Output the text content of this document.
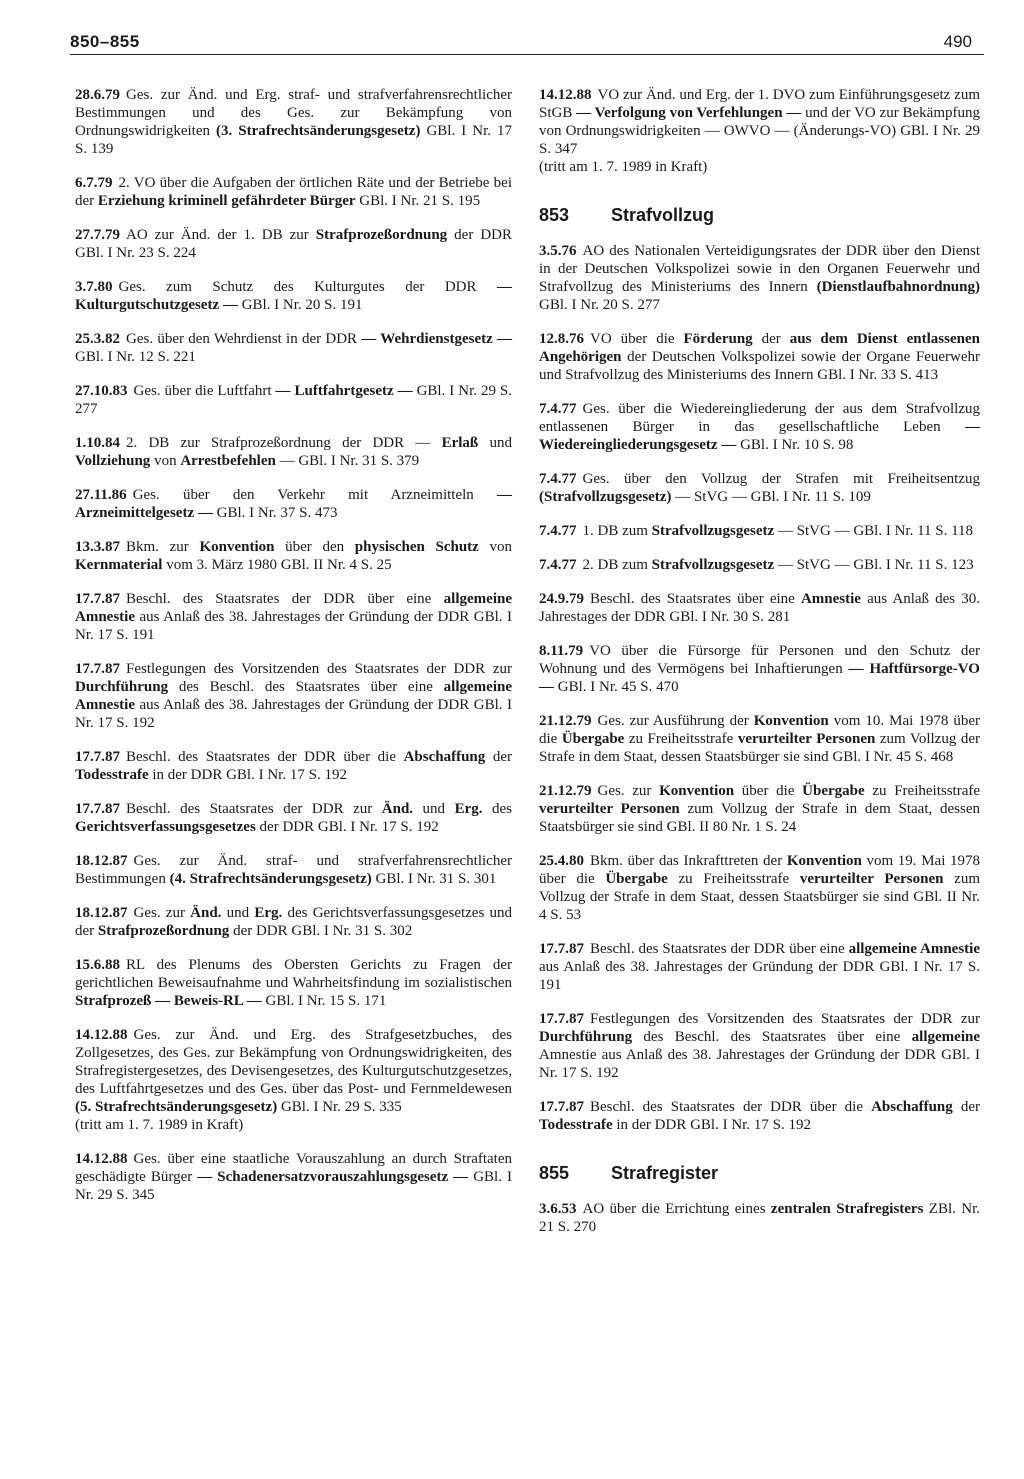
850–855	490
28.6.79 Ges. zur Änd. und Erg. straf- und strafverfahrensrechtlicher Bestimmungen und des Ges. zur Bekämpfung von Ordnungswidrigkeiten (3. Strafrechtsänderungsgesetz) GBl. I Nr. 17 S. 139
6.7.79 2. VO über die Aufgaben der örtlichen Räte und der Betriebe bei der Erziehung kriminell gefährdeter Bürger GBl. I Nr. 21 S. 195
27.7.79 AO zur Änd. der 1. DB zur Strafprozeßordnung der DDR GBl. I Nr. 23 S. 224
3.7.80 Ges. zum Schutz des Kulturgutes der DDR — Kulturgutschutzgesetz — GBl. I Nr. 20 S. 191
25.3.82 Ges. über den Wehrdienst in der DDR — Wehrdienstgesetz — GBl. I Nr. 12 S. 221
27.10.83 Ges. über die Luftfahrt — Luftfahrtgesetz — GBl. I Nr. 29 S. 277
1.10.84 2. DB zur Strafprozeßordnung der DDR — Erlaß und Vollziehung von Arrestbefehlen — GBl. I Nr. 31 S. 379
27.11.86 Ges. über den Verkehr mit Arzneimitteln — Arzneimittelgesetz — GBl. I Nr. 37 S. 473
13.3.87 Bkm. zur Konvention über den physischen Schutz von Kernmaterial vom 3. März 1980 GBl. II Nr. 4 S. 25
17.7.87 Beschl. des Staatsrates der DDR über eine allgemeine Amnestie aus Anlaß des 38. Jahrestages der Gründung der DDR GBl. I Nr. 17 S. 191
17.7.87 Festlegungen des Vorsitzenden des Staatsrates der DDR zur Durchführung des Beschl. des Staatsrates über eine allgemeine Amnestie aus Anlaß des 38. Jahrestages der Gründung der DDR GBl. I Nr. 17 S. 192
17.7.87 Beschl. des Staatsrates der DDR über die Abschaffung der Todesstrafe in der DDR GBl. I Nr. 17 S. 192
17.7.87 Beschl. des Staatsrates der DDR zur Änd. und Erg. des Gerichtsverfassungsgesetzes der DDR GBl. I Nr. 17 S. 192
18.12.87 Ges. zur Änd. straf- und strafverfahrensrechtlicher Bestimmungen (4. Strafrechtsänderungsgesetz) GBl. I Nr. 31 S. 301
18.12.87 Ges. zur Änd. und Erg. des Gerichtsverfassungsgesetzes und der Strafprozeßordnung der DDR GBl. I Nr. 31 S. 302
15.6.88 RL des Plenums des Obersten Gerichts zu Fragen der gerichtlichen Beweisaufnahme und Wahrheitsfindung im sozialistischen Strafprozeß — Beweis-RL — GBl. I Nr. 15 S. 171
14.12.88 Ges. zur Änd. und Erg. des Strafgesetzbuches, des Zollgesetzes, des Ges. zur Bekämpfung von Ordnungswidrigkeiten, des Strafregistergesetzes, des Devisengesetzes, des Kulturgutschutzgesetzes, des Luftfahrtgesetzes und des Ges. über das Post- und Fernmeldewesen (5. Strafrechtsänderungsgesetz) GBl. I Nr. 29 S. 335
(tritt am 1. 7. 1989 in Kraft)
14.12.88 Ges. über eine staatliche Vorauszahlung an durch Straftaten geschädigte Bürger — Schadenersatzvorauszahlungsgesetz — GBl. I Nr. 29 S. 345
14.12.88 VO zur Änd. und Erg. der 1. DVO zum Einführungsgesetz zum StGB — Verfolgung von Verfehlungen — und der VO zur Bekämpfung von Ordnungswidrigkeiten — OWVO — (Änderungs-VO) GBl. I Nr. 29 S. 347
(tritt am 1. 7. 1989 in Kraft)
853 Strafvollzug
3.5.76 AO des Nationalen Verteidigungsrates der DDR über den Dienst in der Deutschen Volkspolizei sowie in den Organen Feuerwehr und Strafvollzug des Ministeriums des Innern (Dienstlaufbahnordnung) GBl. I Nr. 20 S. 277
12.8.76 VO über die Förderung der aus dem Dienst entlassenen Angehörigen der Deutschen Volkspolizei sowie der Organe Feuerwehr und Strafvollzug des Ministeriums des Innern GBl. I Nr. 33 S. 413
7.4.77 Ges. über die Wiedereingliederung der aus dem Strafvollzug entlassenen Bürger in das gesellschaftliche Leben — Wiedereingliederungsgesetz — GBl. I Nr. 10 S. 98
7.4.77 Ges. über den Vollzug der Strafen mit Freiheitsentzug (Strafvollzugsgesetz) — StVG — GBl. I Nr. 11 S. 109
7.4.77 1. DB zum Strafvollzugsgesetz — StVG — GBl. I Nr. 11 S. 118
7.4.77 2. DB zum Strafvollzugsgesetz — StVG — GBl. I Nr. 11 S. 123
24.9.79 Beschl. des Staatsrates über eine Amnestie aus Anlaß des 30. Jahrestages der DDR GBl. I Nr. 30 S. 281
8.11.79 VO über die Fürsorge für Personen und den Schutz der Wohnung und des Vermögens bei Inhaftierungen — Haftfürsorge-VO — GBl. I Nr. 45 S. 470
21.12.79 Ges. zur Ausführung der Konvention vom 10. Mai 1978 über die Übergabe zu Freiheitsstrafe verurteilter Personen zum Vollzug der Strafe in dem Staat, dessen Staatsbürger sie sind GBl. I Nr. 45 S. 468
21.12.79 Ges. zur Konvention über die Übergabe zu Freiheitsstrafe verurteilter Personen zum Vollzug der Strafe in dem Staat, dessen Staatsbürger sie sind GBl. II 80 Nr. 1 S. 24
25.4.80 Bkm. über das Inkrafttreten der Konvention vom 19. Mai 1978 über die Übergabe zu Freiheitsstrafe verurteilter Personen zum Vollzug der Strafe in dem Staat, dessen Staatsbürger sie sind GBl. II Nr. 4 S. 53
17.7.87 Beschl. des Staatsrates der DDR über eine allgemeine Amnestie aus Anlaß des 38. Jahrestages der Gründung der DDR GBl. I Nr. 17 S. 191
17.7.87 Festlegungen des Vorsitzenden des Staatsrates der DDR zur Durchführung des Beschl. des Staatsrates über eine allgemeine Amnestie aus Anlaß des 38. Jahrestages der Gründung der DDR GBl. I Nr. 17 S. 192
17.7.87 Beschl. des Staatsrates der DDR über die Abschaffung der Todesstrafe in der DDR GBl. I Nr. 17 S. 192
855 Strafregister
3.6.53 AO über die Errichtung eines zentralen Strafregisters ZBl. Nr. 21 S. 270
